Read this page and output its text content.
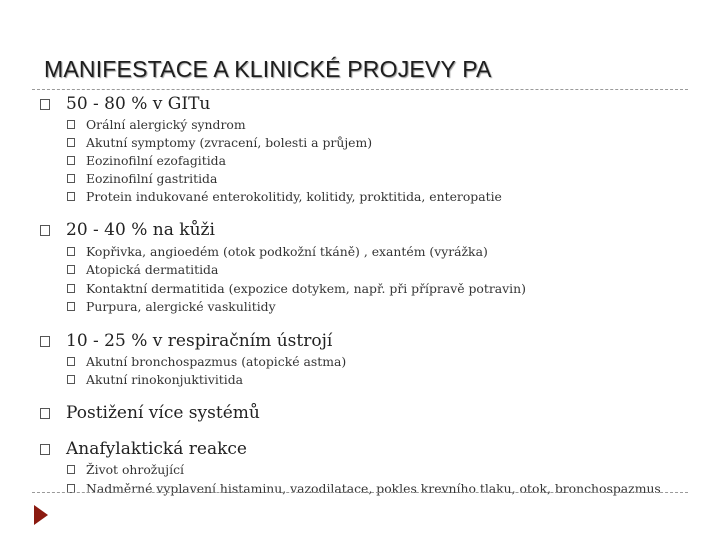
MANIFESTACE A KLINICKÉ PROJEVY PA
50 - 80 % v GITu
Orální alergický syndrom
Akutní symptomy (zvracení, bolesti a průjem)
Eozinofilní ezofagitida
Eozinofilní gastritida
Protein indukované enterokolitidy, kolitidy, proktitida, enteropatie
20 - 40 % na kůži
Kopřivka, angioedém (otok podkožní tkáně) , exantém (vyrážka)
Atopická dermatitida
Kontaktní dermatitida (expozice dotykem, např. při přípravě potravin)
Purpura, alergické vaskulitidy
10 - 25 % v respiračním ústrojí
Akutní bronchospazmus (atopické astma)
Akutní rinokonjuktivitida
Postižení více systémů
Anafylaktická reakce
Život ohrožující
Nadměrné vyplavení histaminu, vazodilatace, pokles krevního tlaku, otok, bronchospazmus
